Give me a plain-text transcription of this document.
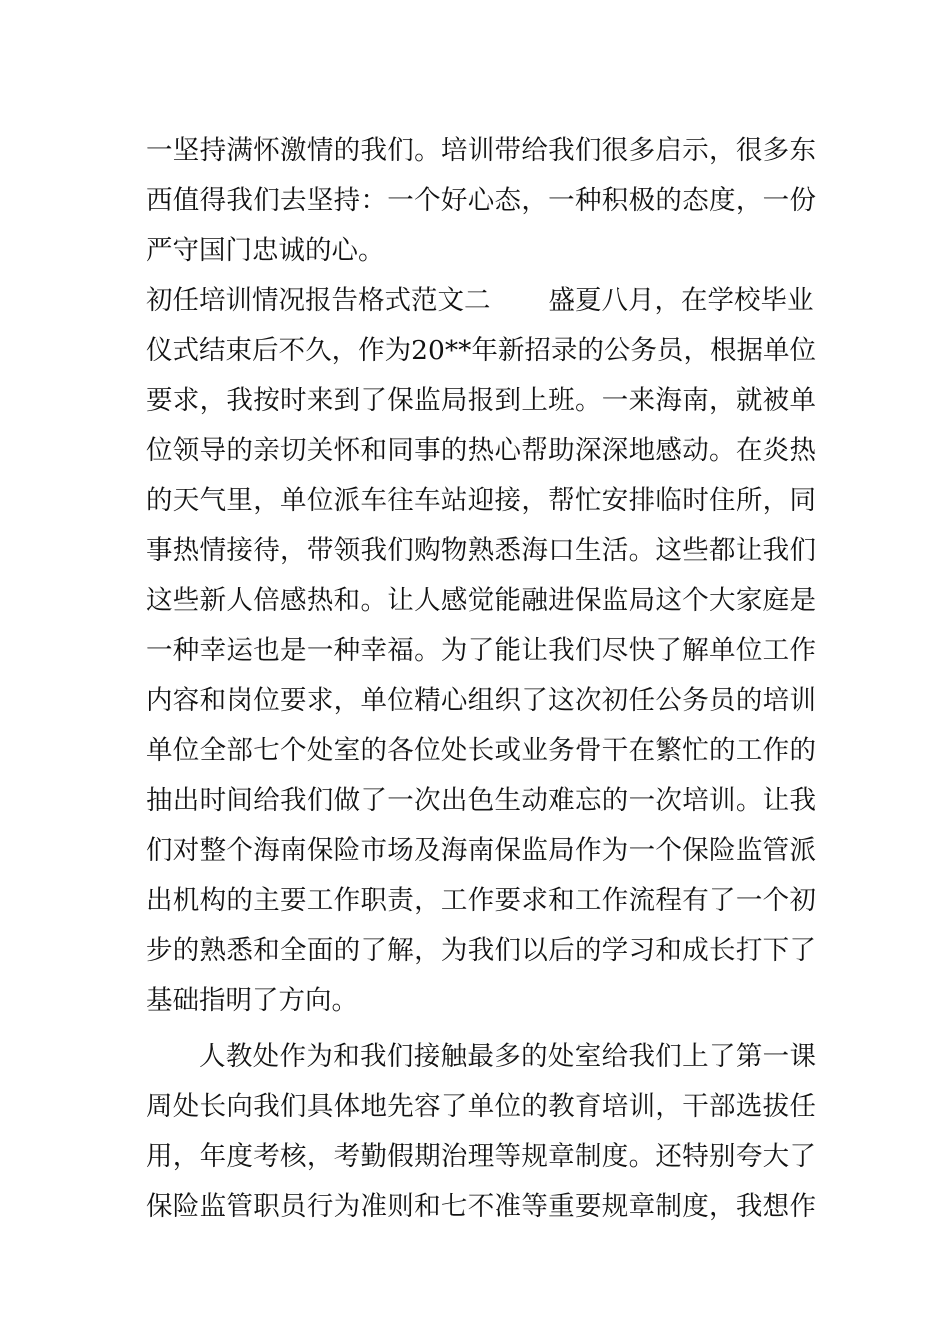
一坚持满怀激情的我们。培训带给我们很多启示，很多东
西值得我们去坚持：一个好心态，一种积极的态度，一份
严守国门忠诚的心。
初任培训情况报告格式范文二 盛夏八月，在学校毕业
仪式结束后不久，作为20**年新招录的公务员，根据单位
要求，我按时来到了保监局报到上班。一来海南，就被单
位领导的亲切关怀和同事的热心帮助深深地感动。在炎热
的天气里，单位派车往车站迎接，帮忙安排临时住所，同
事热情接待，带领我们购物熟悉海口生活。这些都让我们
这些新人倍感热和。让人感觉能融进保监局这个大家庭是
一种幸运也是一种幸福。为了能让我们尽快了解单位工作
内容和岗位要求，单位精心组织了这次初任公务员的培训
单位全部七个处室的各位处长或业务骨干在繁忙的工作的
抽出时间给我们做了一次出色生动难忘的一次培训。让我
们对整个海南保险市场及海南保监局作为一个保险监管派
出机构的主要工作职责，工作要求和工作流程有了一个初
步的熟悉和全面的了解，为我们以后的学习和成长打下了
基础指明了方向。
人教处作为和我们接触最多的处室给我们上了第一课
周处长向我们具体地先容了单位的教育培训，干部选拔任
用，年度考核，考勤假期治理等规章制度。还特别夸大了
保险监管职员行为准则和七不准等重要规章制度，我想作
